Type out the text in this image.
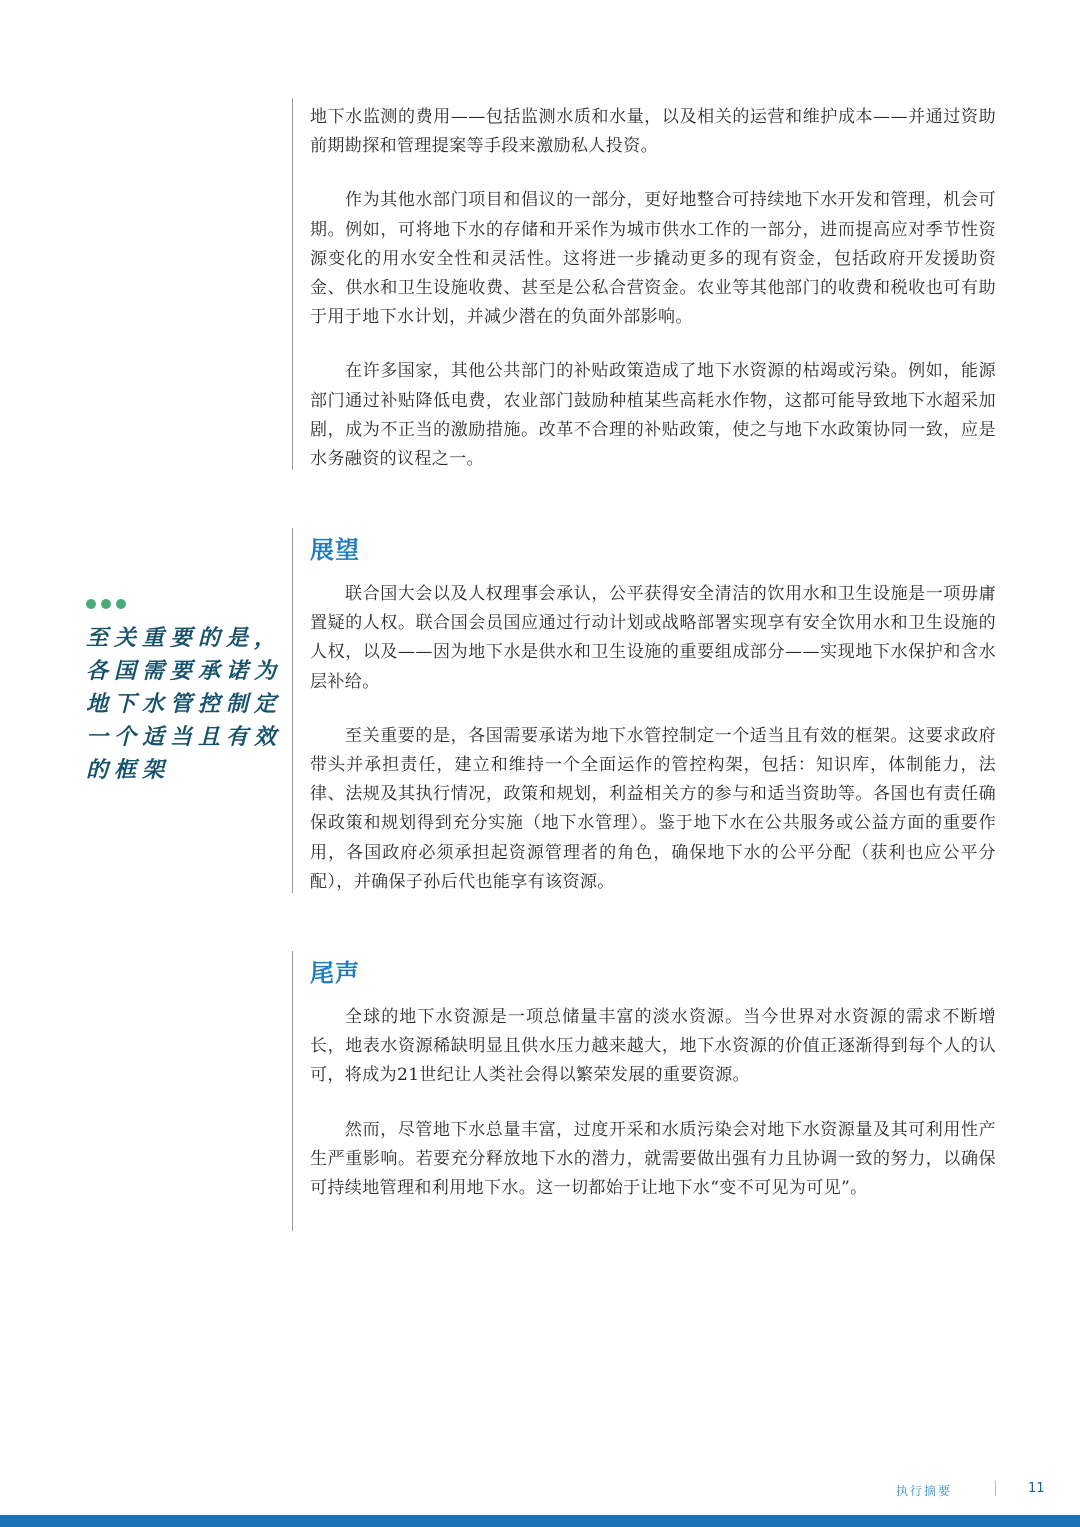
地下水监测的费用——包括监测水质和水量，以及相关的运营和维护成本——并通过资助前期勘探和管理提案等手段来激励私人投资。

作为其他水部门项目和倡议的一部分，更好地整合可持续地下水开发和管理，机会可期。例如，可将地下水的存储和开采作为城市供水工作的一部分，进而提高应对季节性资源变化的用水安全性和灵活性。这将进一步撬动更多的现有资金，包括政府开发援助资金、供水和卫生设施收费、甚至是公私合营资金。农业等其他部门的收费和税收也可有助于用于地下水计划，并减少潜在的负面外部影响。

在许多国家，其他公共部门的补贴政策造成了地下水资源的枯竭或污染。例如，能源部门通过补贴降低电费，农业部门鼓励种植某些高耗水作物，这都可能导致地下水超采加剧，成为不正当的激励措施。改革不合理的补贴政策，使之与地下水政策协同一致，应是水务融资的议程之一。

展望

联合国大会以及人权理事会承认，公平获得安全清洁的饮用水和卫生设施是一项毋庸置疑的人权。联合国会员国应通过行动计划或战略部署实现享有安全饮用水和卫生设施的人权，以及——因为地下水是供水和卫生设施的重要组成部分——实现地下水保护和含水层补给。

至关重要的是，各国需要承诺为地下水管控制定一个适当且有效的框架。这要求政府带头并承担责任，建立和维持一个全面运作的管控构架，包括：知识库，体制能力，法律、法规及其执行情况，政策和规划，利益相关方的参与和适当资助等。各国也有责任确保政策和规划得到充分实施（地下水管理）。鉴于地下水在公共服务或公益方面的重要作用，各国政府必须承担起资源管理者的角色，确保地下水的公平分配（获利也应公平分配），并确保子孙后代也能享有该资源。

尾声

全球的地下水资源是一项总储量丰富的淡水资源。当今世界对水资源的需求不断增长，地表水资源稀缺明显且供水压力越来越大，地下水资源的价值正逐渐得到每个人的认可，将成为21世纪让人类社会得以繁荣发展的重要资源。

然而，尽管地下水总量丰富，过度开采和水质污染会对地下水资源量及其可利用性产生严重影响。若要充分释放地下水的潜力，就需要做出强有力且协调一致的努力，以确保可持续地管理和利用地下水。这一切都始于让地下水“变不可见为可见”。

至关重要的是，各国需要承诺为地下水管控制定一个适当且有效的框架
执行摘要	11
